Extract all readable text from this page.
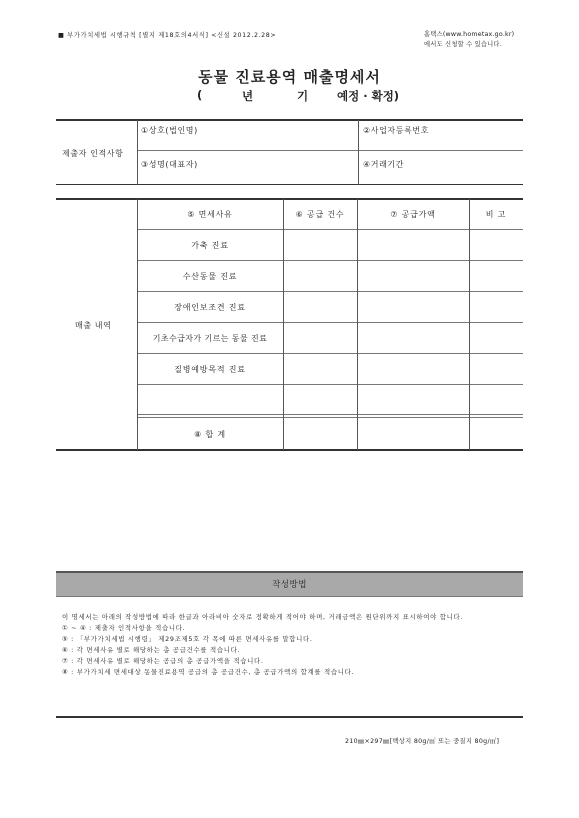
■ 부가가치세법 시행규칙 [별지 제18호의4서식] <신설 2012.2.28>	홈택스(www.hometax.go.kr)
에서도 신청할 수 있습니다.
동물 진료용역 매출명세서
(	년	기	예정 · 확정)
제출자 인적사항
①상호(법인명)	②사업자등록번호
③성명(대표자)	④거래기간
매출 내역
⑤ 면세사유	⑥ 공급 건수	⑦ 공급가액	비 고
가축 진료
수산동물 진료
장애인보조견 진료
기초수급자가 기르는 동물 진료
질병예방목적 진료
⑧ 합 계
작성방법

이 명세서는 아래의 작성방법에 따라 한글과 아라비아 숫자로 정확하게 적어야 하며, 거래금액은 원단위까지 표시하여야 합니다.

① ~ ④ : 제출자 인적사항을 적습니다.

⑤ : 「부가가치세법 시행령」 제29조제5호 각 목에 따른 면세사유를 말합니다.

⑥ : 각 면세사유 별로 해당하는 총 공급건수를 적습니다.

⑦ : 각 면세사유 별로 해당하는 공급의 총 공급가액을 적습니다.

⑧ : 부가가치세 면세대상 동물진료용역 공급의 총 공급건수, 총 공급가액의 합계를 적습니다.

210㎜×297㎜[백상지 80g/㎡ 또는 중질지 80g/㎡]
